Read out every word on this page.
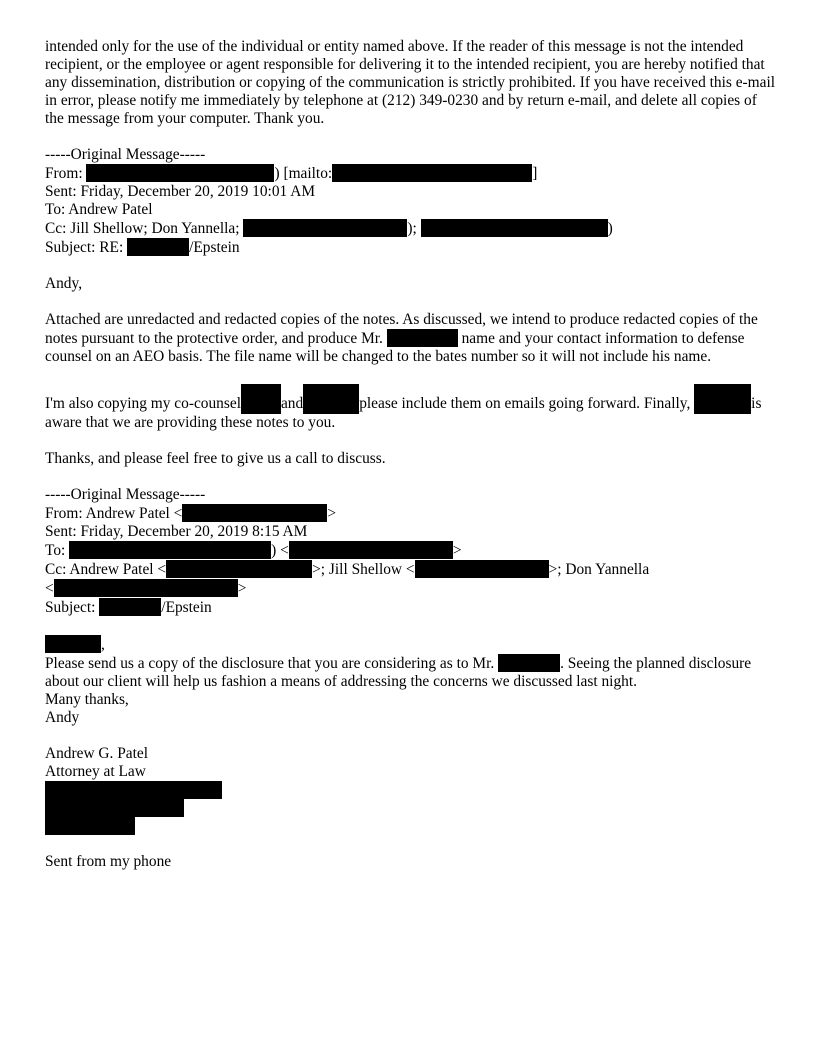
intended only for the use of the individual or entity named above. If the reader of this message is not the intended recipient, or the employee or agent responsible for delivering it to the intended recipient, you are hereby notified that any dissemination, distribution or copying of the communication is strictly prohibited. If you have received this e-mail in error, please notify me immediately by telephone at (212) 349-0230 and by return e-mail, and delete all copies of the message from your computer. Thank you.

-----Original Message-----

From:	) [mailto:	]

Sent: Friday, December 20, 2019 10:01 AM

To: Andrew Patel

Cc: Jill Shellow; Don Yannella;	);	)

Subject: RE:	/Epstein

Andy,

Attached are unredacted and redacted copies of the notes. As discussed, we intend to produce redacted copies of the notes pursuant to the protective order, and produce Mr.	name and your contact information to defense counsel on an AEO basis. The file name will be changed to the bates number so it will not include his name.

I'm also copying my co-counsel	and	please include them on emails going forward. Finally,	is aware that we are providing these notes to you.

Thanks, and please feel free to give us a call to discuss.

-----Original Message-----

From: Andrew Patel <	>

Sent: Friday, December 20, 2019 8:15 AM

To:	) <	>

Cc: Andrew Patel <	>; Jill Shellow <	>; Don Yannella

<	>

Subject:	/Epstein

,

Please send us a copy of the disclosure that you are considering as to Mr.	. Seeing the planned disclosure about our client will help us fashion a means of addressing the concerns we discussed last night.

Many thanks,

Andy

Andrew G. Patel

Attorney at Law

Sent from my phone
